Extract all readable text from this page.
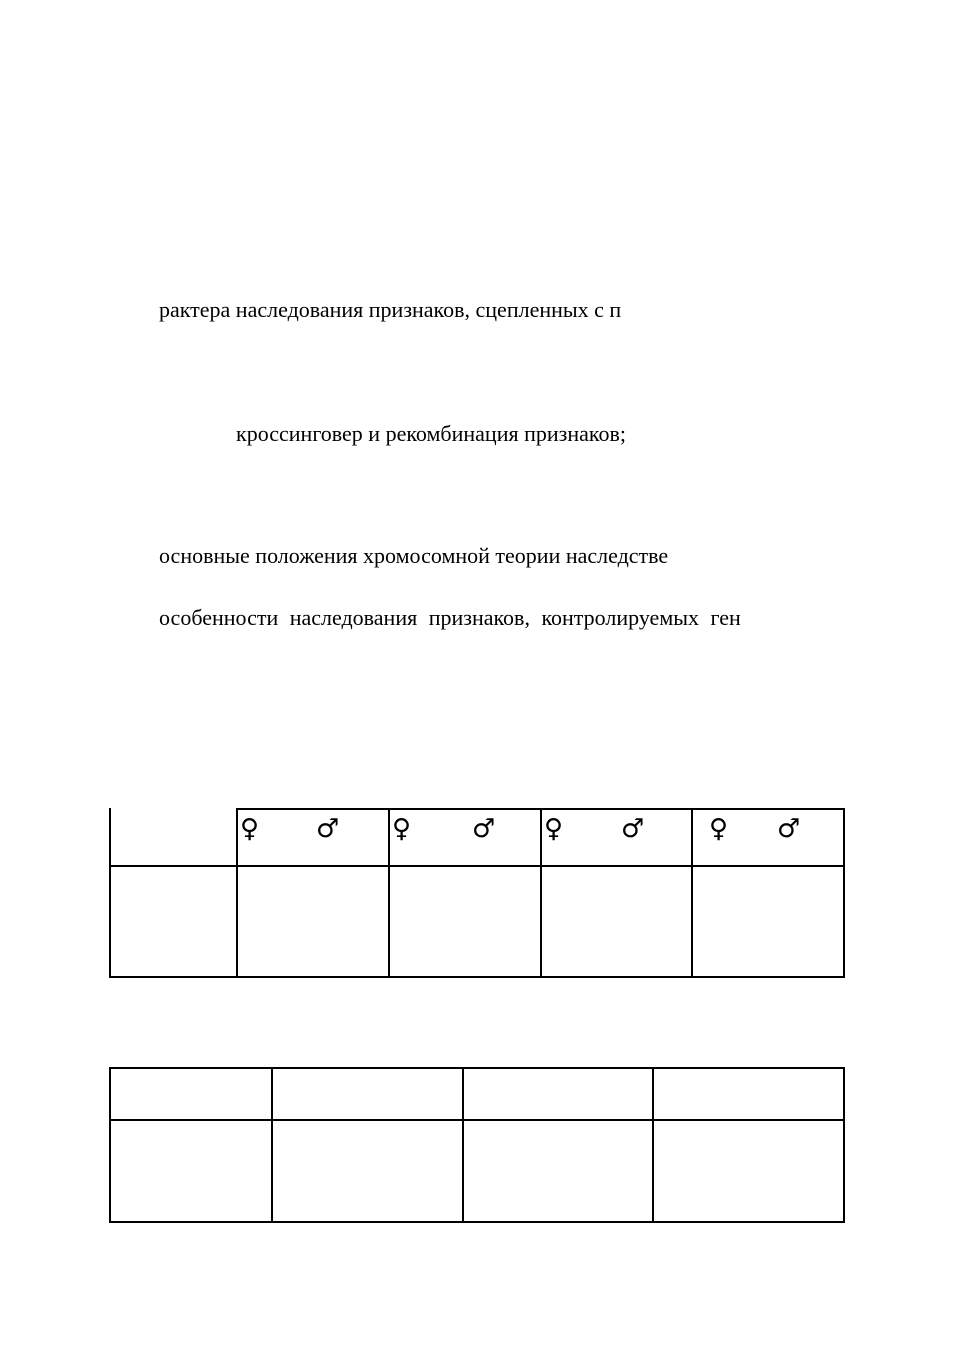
рактера наследования признаков, сцепленных с п
кроссинговер и рекомбинация признаков;
основные положения хромосомной теории наследстве
особенности наследования признаков, контролируемых ген
♀ ♂ ♀ ♂ ♀ ♂ ♀ ♂
